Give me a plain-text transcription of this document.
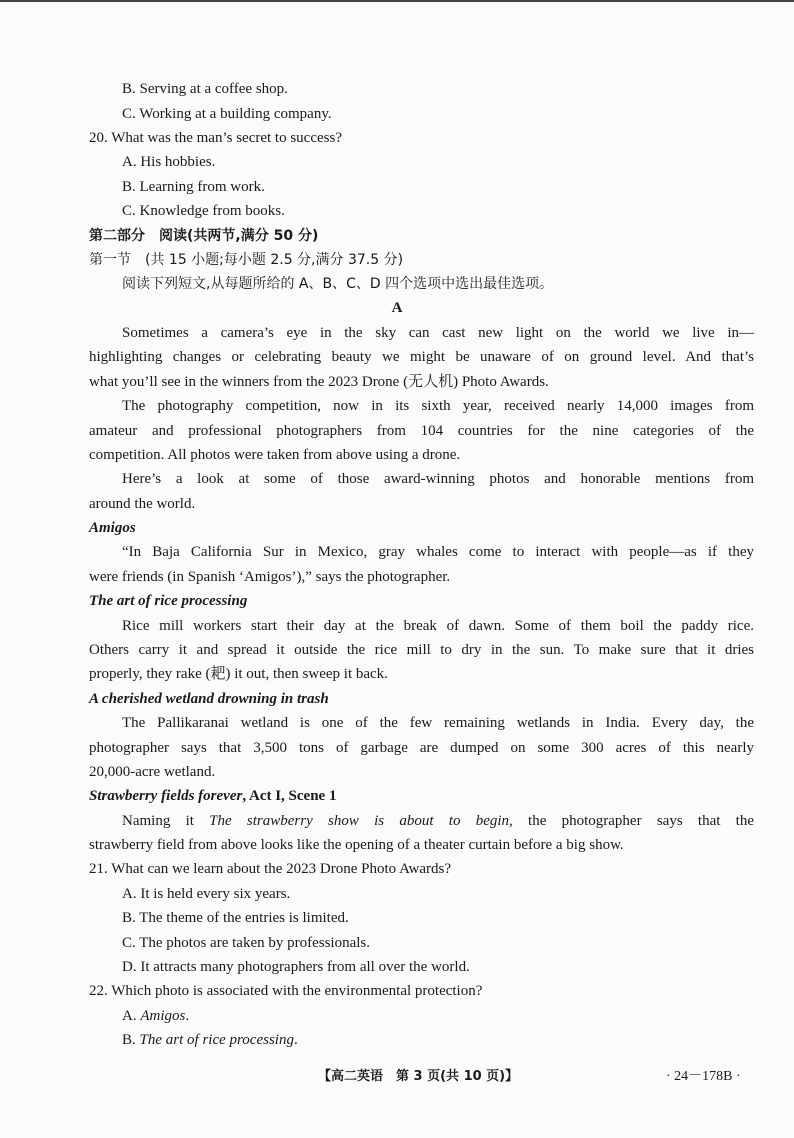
B. Serving at a coffee shop.
C. Working at a building company.
20. What was the man’s secret to success?
A. His hobbies.
B. Learning from work.
C. Knowledge from books.
第二部分　阅读(共两节,满分 50 分)
第一节　(共 15 小题;每小题 2.5 分,满分 37.5 分)
阅读下列短文,从每题所给的 A、B、C、D 四个选项中选出最佳选项。
A
Sometimes a camera’s eye in the sky can cast new light on the world we live in—
highlighting changes or celebrating beauty we might be unaware of on ground level. And that’s
what you’ll see in the winners from the 2023 Drone (无人机) Photo Awards.
The photography competition, now in its sixth year, received nearly 14,000 images from
amateur and professional photographers from 104 countries for the nine categories of the
competition. All photos were taken from above using a drone.
Here’s a look at some of those award-winning photos and honorable mentions from
around the world.
Amigos
“In Baja California Sur in Mexico, gray whales come to interact with people—as if they
were friends (in Spanish ‘Amigos’),” says the photographer.
The art of rice processing
Rice mill workers start their day at the break of dawn. Some of them boil the paddy rice.
Others carry it and spread it outside the rice mill to dry in the sun. To make sure that it dries
properly, they rake (耙) it out, then sweep it back.
A cherished wetland drowning in trash
The Pallikaranai wetland is one of the few remaining wetlands in India. Every day, the
photographer says that 3,500 tons of garbage are dumped on some 300 acres of this nearly
20,000-acre wetland.
Strawberry fields forever, Act I, Scene 1
Naming it The strawberry show is about to begin, the photographer says that the
strawberry field from above looks like the opening of a theater curtain before a big show.
21. What can we learn about the 2023 Drone Photo Awards?
A. It is held every six years.
B. The theme of the entries is limited.
C. The photos are taken by professionals.
D. It attracts many photographers from all over the world.
22. Which photo is associated with the environmental protection?
A. Amigos.
B. The art of rice processing.
【高二英语　第 3 页(共 10 页)】	· 24－178B ·
